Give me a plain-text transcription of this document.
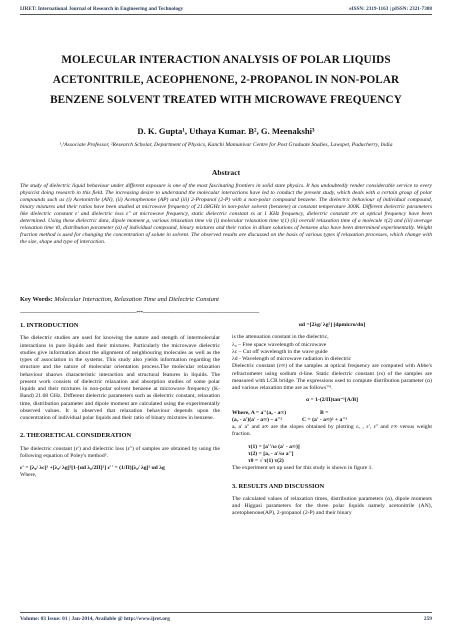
IJRET: International Journal of Research in Engineering and Technology	eISSN: 2319-1163 | pISSN: 2321-7308
MOLECULAR INTERACTION ANALYSIS OF POLAR LIQUIDS
ACETONITRILE, ACEOPHENONE, 2-PROPANOL IN NON-POLAR
BENZENE SOLVENT TREATED WITH MICROWAVE FREQUENCY
D. K. Gupta¹, Uthaya Kumar. B², G. Meenakshi³
¹,³Associate Professor, ²Research Scholar, Department of Physics, Kanchi Mamunivar Centre for Post Graduate Studies, Lawspet, Puducherry, India
Abstract
The study of dielectric liquid behaviour under different exposure is one of the most fascinating frontiers in solid state physics. It has undoubtedly render considerable service to every physicist doing research in this field. The increasing desire to understand the molecular interactions have led to conduct the present study, which deals with a certain group of polar compounds such as (i) Acetonitrile (AN), (ii) Acetophenone (AP) and (iii) 2-Propanol (2-P) with a non-polar compound benzene. The dielectric behaviour of individual compound, binary mixtures and their ratios have been studied at microwave frequency of 21.68GHz in non-polar solvent (benzene) at constant temperature 300K. Different dielectric parameters like dielectric constant ε' and dielectric loss ε'' at microwave frequency, static dielectric constant εs at 1 KHz frequency, dielectric constant ε∞ at optical frequency have been determined. Using these dielectric data, dipole moment μ, various relaxation time viz (i) molecular relaxation time τ(1) (ii) overall relaxation time of a molecule τ(2) and (iii) average relaxation time τ0, distribution parameter (α) of individual compound, binary mixtures and their ratios in dilute solutions of benzene also have been determined experimentally. Weight fraction method is used for changing the concentration of solute in solvent. The observed results are discussed on the basis of various types if relaxation processes, which change with the size, shape and type of interaction.
Key Words: Molecular Interaction, Relaxation Time and Dielectric Constant
--------------------------------------------------------------------------------------------***--------------------------------------------------------------------------------------------
1. INTRODUCTION

The dielectric studies are used for knowing the nature and stength of intermolecular interactions in pure liquids and their mixtures. Particularly the microwave dielectric studies give information about the alignment of neighbouring molecules as well as the types of association in the systems. This study also yields information regarding the structure and the nature of molecular orientation process.The molecular relaxation behaviour shaows characteristic interaction and structural features in liquids. The present work consists of dielectric relaxation and absorption studies of some polar liquids and their mixtures in non-polar solvent benzene at microwave frequency (K-Band) 21.68 GHz. Different dielectric parameters such as dielectric constant, relaxation time, distribution parameter and dipole moment are calculated using the experimentally observed values. It is observed that relaxation behaviour depends upon the concentration of individual polar liquids and their ratio of binary mixtures in benzene.

2. THEORETICAL CONSIDERATION

The dielectric constant (ε') and dielectric loss (ε'') of samples are obtained by using the following equation of Poley's method⁵.

ε' = [λ₀/ λc]² +[λ₀/ λg]²[1-[αd λ₀/2Π]²] ε'' = (1/Π)[λ₀/ λg]² αd λg

Where,

αd =[2λg/ λg²] [dρmicro/dn]

is the attenuation constant in the dielectric,

λ₀ – Free space wavelength of microwave

λc – Cut off wavelength in the wave guide

λd - Wavelength of microwave radiation in dielectric

Dielectric constant (ε∞) of the samples at optical frequency are computed with Abbe's refractometer using sodium d-line. Static dielectric constant (εs) of the samples are measured with LCR bridge. The expressions used to compute distribution parameter (α) and various relaxation time are as follows⁷'⁸.

α = 1-(2/Π)tan⁻¹[A/B]

Where, A = a''(aₒ - a∞)	B =

(aₒ - a')(a' - a∞) – a''²	C = (a' - a∞)² + a''²

aₒ a' a'' and a∞ are the slopes obtained by plotting εₒ , ε', ε'' and ε∞ versus weight fraction.

τ(1) = [a''/ω (a' - a∞)]

τ(2) = [aₒ - a'/ω a'']

τ0 = √ τ(1) τ(2)

The experiment set up used for this study is shown in figure 1.

3. RESULTS AND DISCUSSION

The calculated values of relaxation times, distribution parameters (α), dipole moments and Higgasi parameters for the three polar liquids namely acetonitrile (AN), acetophenone(AP), 2-propanol (2-P) and their binary

Volume: 03 Issue: 01 | Jan-2014, Available @ http://www.ijret.org	259
